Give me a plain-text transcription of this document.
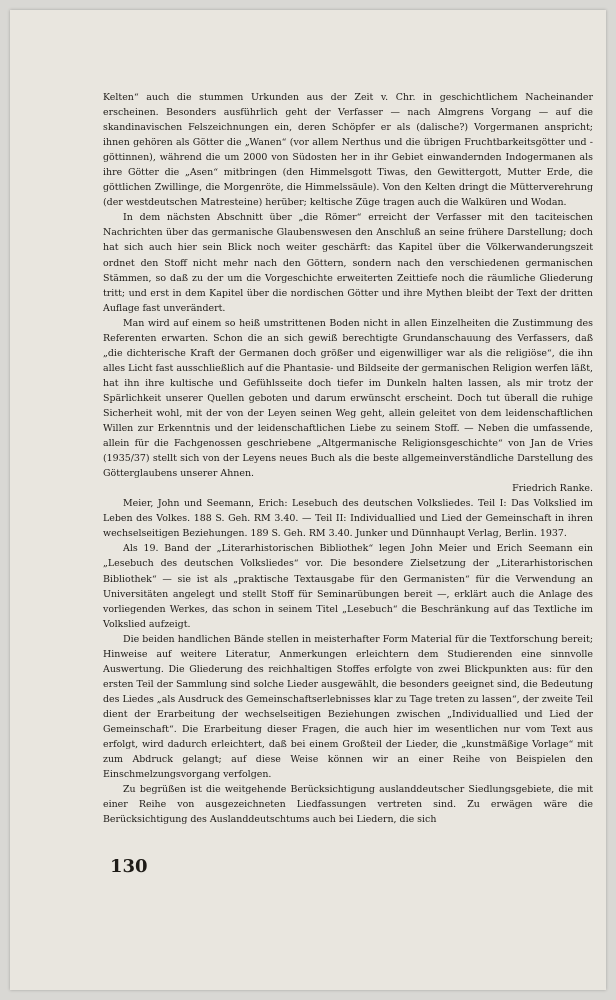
Kelten“ auch die stummen Urkunden aus der Zeit v. Chr. in geschichtlichem Nacheinander erscheinen. Besonders ausführlich geht der Verfasser — nach Almgrens Vorgang — auf die skandinavischen Felszeichnungen ein, deren Schöpfer er als (dalische?) Vorgermanen anspricht; ihnen gehören als Götter die „Wanen“ (vor allem Nerthus und die übrigen Fruchtbarkeitsgötter und -göttinnen), während die um 2000 von Südosten her in ihr Gebiet einwandernden Indogermanen als ihre Götter die „Asen“ mitbringen (den Himmelsgott Tiwas, den Gewittergott, Mutter Erde, die göttlichen Zwillinge, die Morgenröte, die Himmelssäule). Von den Kelten dringt die Mütterverehrung (der westdeutschen Matresteine) herüber; keltische Züge tragen auch die Walküren und Wodan.

In dem nächsten Abschnitt über „die Römer“ erreicht der Verfasser mit den taciteischen Nachrichten über das germanische Glaubenswesen den Anschluß an seine frühere Darstellung; doch hat sich auch hier sein Blick noch weiter geschärft: das Kapitel über die Völkerwanderungszeit ordnet den Stoff nicht mehr nach den Göttern, sondern nach den verschiedenen germanischen Stämmen, so daß zu der um die Vorgeschichte erweiterten Zeittiefe noch die räumliche Gliederung tritt; und erst in dem Kapitel über die nordischen Götter und ihre Mythen bleibt der Text der dritten Auflage fast unverändert.

Man wird auf einem so heiß umstrittenen Boden nicht in allen Einzelheiten die Zustimmung des Referenten erwarten. Schon die an sich gewiß berechtigte Grundanschauung des Verfassers, daß „die dichterische Kraft der Germanen doch größer und eigenwilliger war als die religiöse“, die ihn alles Licht fast ausschließlich auf die Phantasie- und Bildseite der germanischen Religion werfen läßt, hat ihn ihre kultische und Gefühlsseite doch tiefer im Dunkeln halten lassen, als mir trotz der Spärlichkeit unserer Quellen geboten und darum erwünscht erscheint. Doch tut überall die ruhige Sicherheit wohl, mit der von der Leyen seinen Weg geht, allein geleitet von dem leidenschaftlichen Willen zur Erkenntnis und der leidenschaftlichen Liebe zu seinem Stoff. — Neben die umfassende, allein für die Fachgenossen geschriebene „Altgermanische Religionsgeschichte“ von Jan de Vries (1935/37) stellt sich von der Leyens neues Buch als die beste allgemeinverständliche Darstellung des Götterglaubens unserer Ahnen.

Friedrich Ranke.

Meier, John und Seemann, Erich: Lesebuch des deutschen Volksliedes. Teil I: Das Volkslied im Leben des Volkes. 188 S. Geh. RM 3.40. — Teil II: Individuallied und Lied der Gemeinschaft in ihren wechselseitigen Beziehungen. 189 S. Geh. RM 3.40. Junker und Dünnhaupt Verlag, Berlin. 1937.

Als 19. Band der „Literarhistorischen Bibliothek“ legen John Meier und Erich Seemann ein „Lesebuch des deutschen Volksliedes“ vor. Die besondere Zielsetzung der „Literarhistorischen Bibliothek“ — sie ist als „praktische Textausgabe für den Germanisten“ für die Verwendung an Universitäten angelegt und stellt Stoff für Seminarübungen bereit —, erklärt auch die Anlage des vorliegenden Werkes, das schon in seinem Titel „Lesebuch“ die Beschränkung auf das Textliche im Volkslied aufzeigt.

Die beiden handlichen Bände stellen in meisterhafter Form Material für die Textforschung bereit; Hinweise auf weitere Literatur, Anmerkungen erleichtern dem Studierenden eine sinnvolle Auswertung. Die Gliederung des reichhaltigen Stoffes erfolgte von zwei Blickpunkten aus: für den ersten Teil der Sammlung sind solche Lieder ausgewählt, die besonders geeignet sind, die Bedeutung des Liedes „als Ausdruck des Gemeinschaftserlebnisses klar zu Tage treten zu lassen“, der zweite Teil dient der Erarbeitung der wechselseitigen Beziehungen zwischen „Individuallied und Lied der Gemeinschaft“. Die Erarbeitung dieser Fragen, die auch hier im wesentlichen nur vom Text aus erfolgt, wird dadurch erleichtert, daß bei einem Großteil der Lieder, die „kunstmäßige Vorlage“ mit zum Abdruck gelangt; auf diese Weise können wir an einer Reihe von Beispielen den Einschmelzungsvorgang verfolgen.

Zu begrüßen ist die weitgehende Berücksichtigung auslanddeutscher Siedlungsgebiete, die mit einer Reihe von ausgezeichneten Liedfassungen vertreten sind. Zu erwägen wäre die Berücksichtigung des Auslanddeutschtums auch bei Liedern, die sich

130
